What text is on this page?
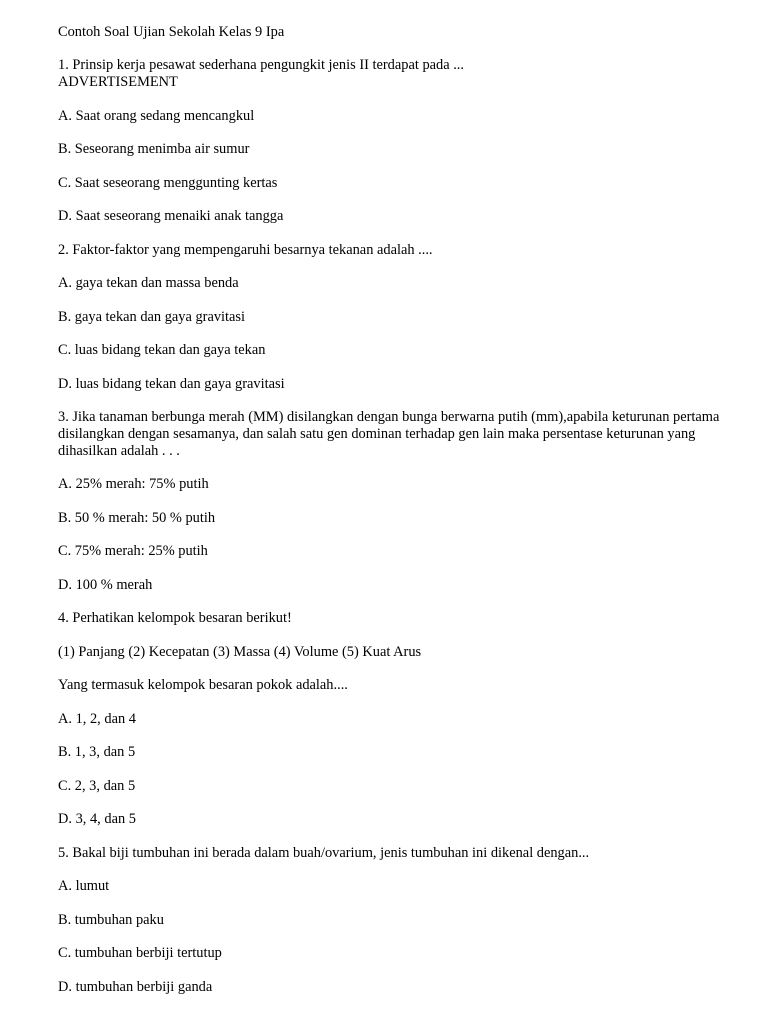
Contoh Soal Ujian Sekolah Kelas 9 Ipa
1. Prinsip kerja pesawat sederhana pengungkit jenis II terdapat pada ...
ADVERTISEMENT
A. Saat orang sedang mencangkul
B. Seseorang menimba air sumur
C. Saat seseorang menggunting kertas
D. Saat seseorang menaiki anak tangga
2. Faktor-faktor yang mempengaruhi besarnya tekanan adalah ....
A. gaya tekan dan massa benda
B. gaya tekan dan gaya gravitasi
C. luas bidang tekan dan gaya tekan
D. luas bidang tekan dan gaya gravitasi
3. Jika tanaman berbunga merah (MM) disilangkan dengan bunga berwarna putih (mm),apabila keturunan pertama disilangkan dengan sesamanya, dan salah satu gen dominan terhadap gen lain maka persentase keturunan yang dihasilkan adalah . . .
A. 25% merah: 75% putih
B. 50 % merah: 50 % putih
C. 75% merah: 25% putih
D. 100 % merah
4. Perhatikan kelompok besaran berikut!
(1) Panjang (2) Kecepatan (3) Massa (4) Volume (5) Kuat Arus
Yang termasuk kelompok besaran pokok adalah....
A. 1, 2, dan 4
B. 1, 3, dan 5
C. 2, 3, dan 5
D. 3, 4, dan 5
5. Bakal biji tumbuhan ini berada dalam buah/ovarium, jenis tumbuhan ini dikenal dengan...
A. lumut
B. tumbuhan paku
C. tumbuhan berbiji tertutup
D. tumbuhan berbiji ganda
